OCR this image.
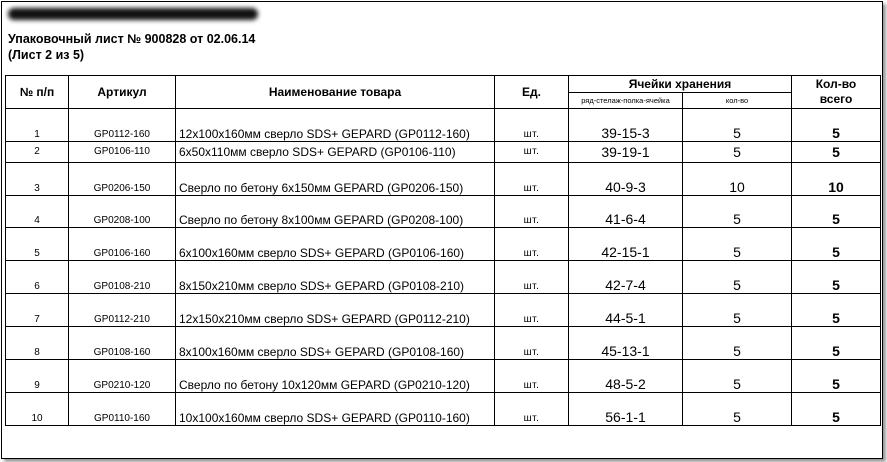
Упаковочный лист № 900828 от 02.06.14
(Лист 2 из 5)
№ п/п	Артикул	Наименование товара	Ед.	Ячейки хранения		Кол-во
всего

				ряд-стелаж-полка-ячейка	кол-во	
1	GP0112-160	12x100x160мм сверло SDS+ GEPARD (GP0112-160)	шт.	39-15-3	5	5
2	GP0106-110	6x50x110мм сверло SDS+ GEPARD (GP0106-110)	шт.	39-19-1	5	5
3	GP0206-150	Сверло по бетону 6x150мм GEPARD (GP0206-150)	шт.	40-9-3	10	10
4	GP0208-100	Сверло по бетону 8x100мм GEPARD (GP0208-100)	шт.	41-6-4	5	5
5	GP0106-160	6x100x160мм сверло SDS+ GEPARD (GP0106-160)	шт.	42-15-1	5	5
6	GP0108-210	8x150x210мм сверло SDS+ GEPARD (GP0108-210)	шт.	42-7-4	5	5
7	GP0112-210	12x150x210мм сверло SDS+ GEPARD (GP0112-210)	шт.	44-5-1	5	5
8	GP0108-160	8x100x160мм сверло SDS+ GEPARD (GP0108-160)	шт.	45-13-1	5	5
9	GP0210-120	Сверло по бетону 10x120мм GEPARD (GP0210-120)	шт.	48-5-2	5	5
10	GP0110-160	10x100x160мм сверло SDS+ GEPARD (GP0110-160)	шт.	56-1-1	5	5
